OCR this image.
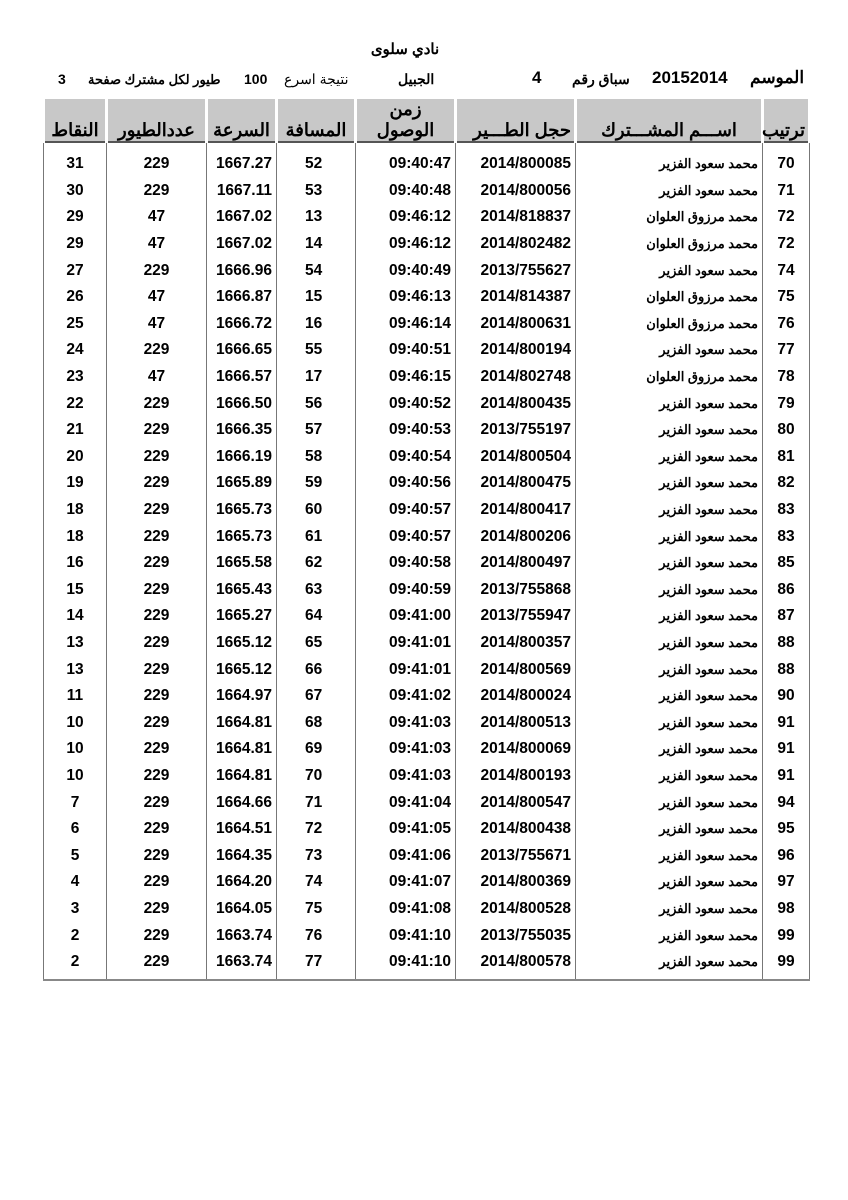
نادي سلوى
الموسم
20152014
سباق رقم
4
الجبيل
نتيجة اسرع
100
طيور لكل مشترك صفحة
3
ترتيب	اســـم المشـــترك	حجل الطـــير	زمن الوصول	المسافة	السرعة	عددالطيور	النقاط
70	محمد سعود الفزير	2014/800085	09:40:47	52	1667.27	229	31
71	محمد سعود الفزير	2014/800056	09:40:48	53	1667.11	229	30
72	محمد مرزوق العلوان	2014/818837	09:46:12	13	1667.02	47	29
72	محمد مرزوق العلوان	2014/802482	09:46:12	14	1667.02	47	29
74	محمد سعود الفزير	2013/755627	09:40:49	54	1666.96	229	27
75	محمد مرزوق العلوان	2014/814387	09:46:13	15	1666.87	47	26
76	محمد مرزوق العلوان	2014/800631	09:46:14	16	1666.72	47	25
77	محمد سعود الفزير	2014/800194	09:40:51	55	1666.65	229	24
78	محمد مرزوق العلوان	2014/802748	09:46:15	17	1666.57	47	23
79	محمد سعود الفزير	2014/800435	09:40:52	56	1666.50	229	22
80	محمد سعود الفزير	2013/755197	09:40:53	57	1666.35	229	21
81	محمد سعود الفزير	2014/800504	09:40:54	58	1666.19	229	20
82	محمد سعود الفزير	2014/800475	09:40:56	59	1665.89	229	19
83	محمد سعود الفزير	2014/800417	09:40:57	60	1665.73	229	18
83	محمد سعود الفزير	2014/800206	09:40:57	61	1665.73	229	18
85	محمد سعود الفزير	2014/800497	09:40:58	62	1665.58	229	16
86	محمد سعود الفزير	2013/755868	09:40:59	63	1665.43	229	15
87	محمد سعود الفزير	2013/755947	09:41:00	64	1665.27	229	14
88	محمد سعود الفزير	2014/800357	09:41:01	65	1665.12	229	13
88	محمد سعود الفزير	2014/800569	09:41:01	66	1665.12	229	13
90	محمد سعود الفزير	2014/800024	09:41:02	67	1664.97	229	11
91	محمد سعود الفزير	2014/800513	09:41:03	68	1664.81	229	10
91	محمد سعود الفزير	2014/800069	09:41:03	69	1664.81	229	10
91	محمد سعود الفزير	2014/800193	09:41:03	70	1664.81	229	10
94	محمد سعود الفزير	2014/800547	09:41:04	71	1664.66	229	7
95	محمد سعود الفزير	2014/800438	09:41:05	72	1664.51	229	6
96	محمد سعود الفزير	2013/755671	09:41:06	73	1664.35	229	5
97	محمد سعود الفزير	2014/800369	09:41:07	74	1664.20	229	4
98	محمد سعود الفزير	2014/800528	09:41:08	75	1664.05	229	3
99	محمد سعود الفزير	2013/755035	09:41:10	76	1663.74	229	2
99	محمد سعود الفزير	2014/800578	09:41:10	77	1663.74	229	2
